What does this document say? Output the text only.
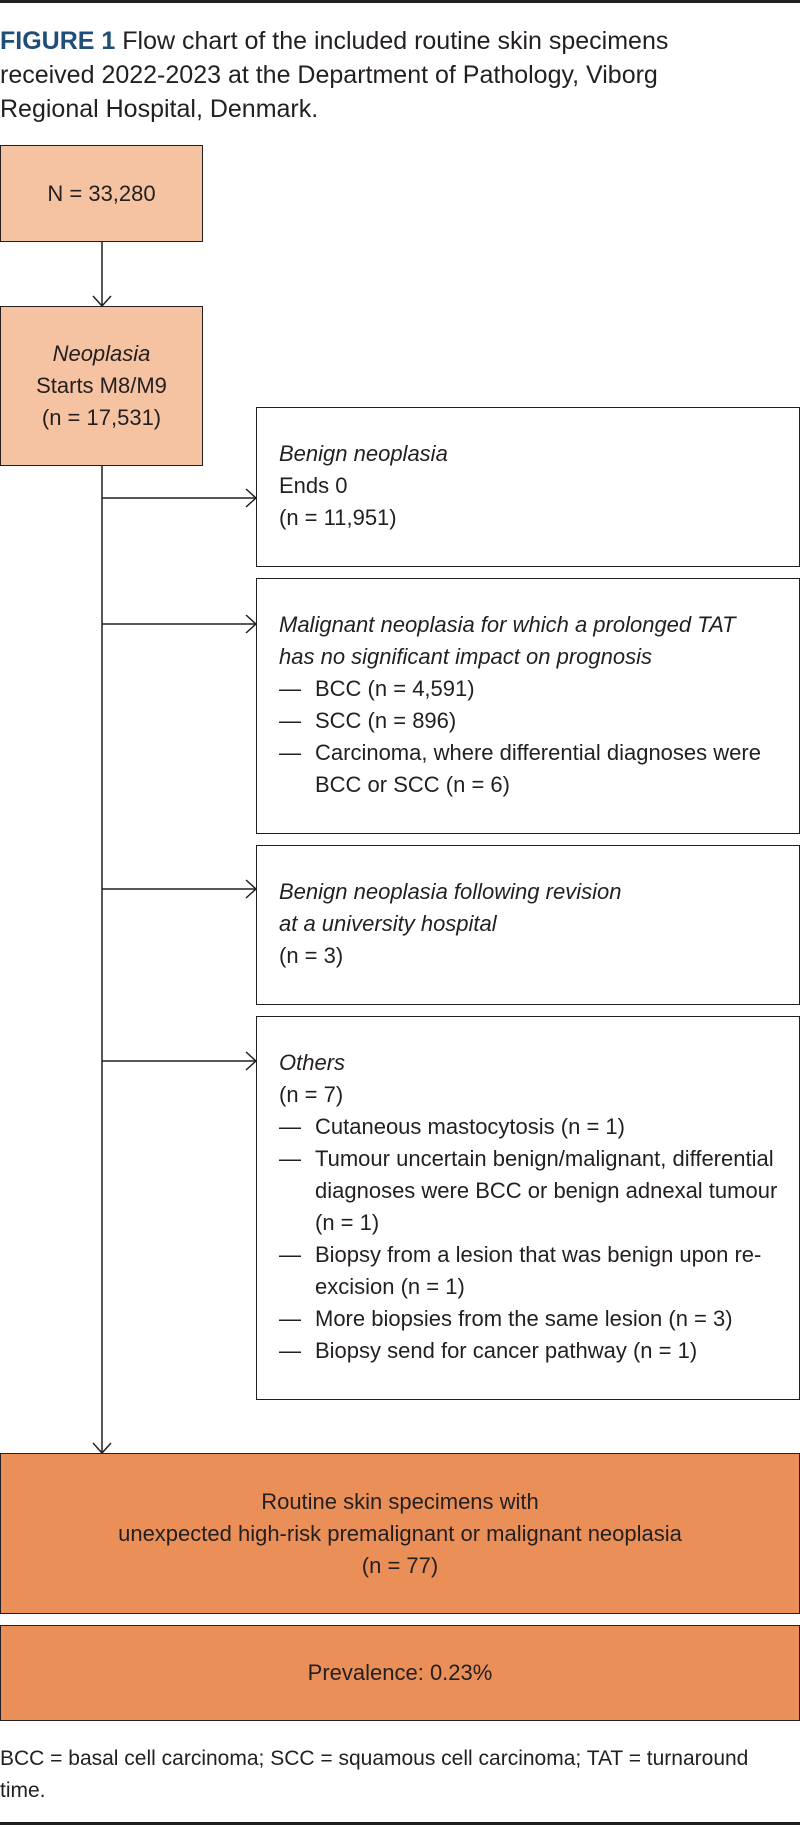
FIGURE 1 Flow chart of the included routine skin specimens received 2022-2023 at the Department of Pathology, Viborg Regional Hospital, Denmark.
N = 33,280
Neoplasia
Starts M8/M9
(n = 17,531)
Benign neoplasia
Ends 0
(n = 11,951)
Malignant neoplasia for which a prolonged TAT
has no significant impact on prognosis
— BCC (n = 4,591)
— SCC (n = 896)
— Carcinoma, where differential diagnoses were BCC or SCC (n = 6)
Benign neoplasia following revision
at a university hospital
(n = 3)
Others
(n = 7)
— Cutaneous mastocytosis (n = 1)
— Tumour uncertain benign/malignant, differential diagnoses were BCC or benign adnexal tumour (n = 1)
— Biopsy from a lesion that was benign upon re-excision (n = 1)
— More biopsies from the same lesion (n = 3)
— Biopsy send for cancer pathway (n = 1)
Routine skin specimens with
unexpected high-risk premalignant or malignant neoplasia
(n = 77)
Prevalence: 0.23%
BCC = basal cell carcinoma; SCC = squamous cell carcinoma; TAT = turnaround time.
